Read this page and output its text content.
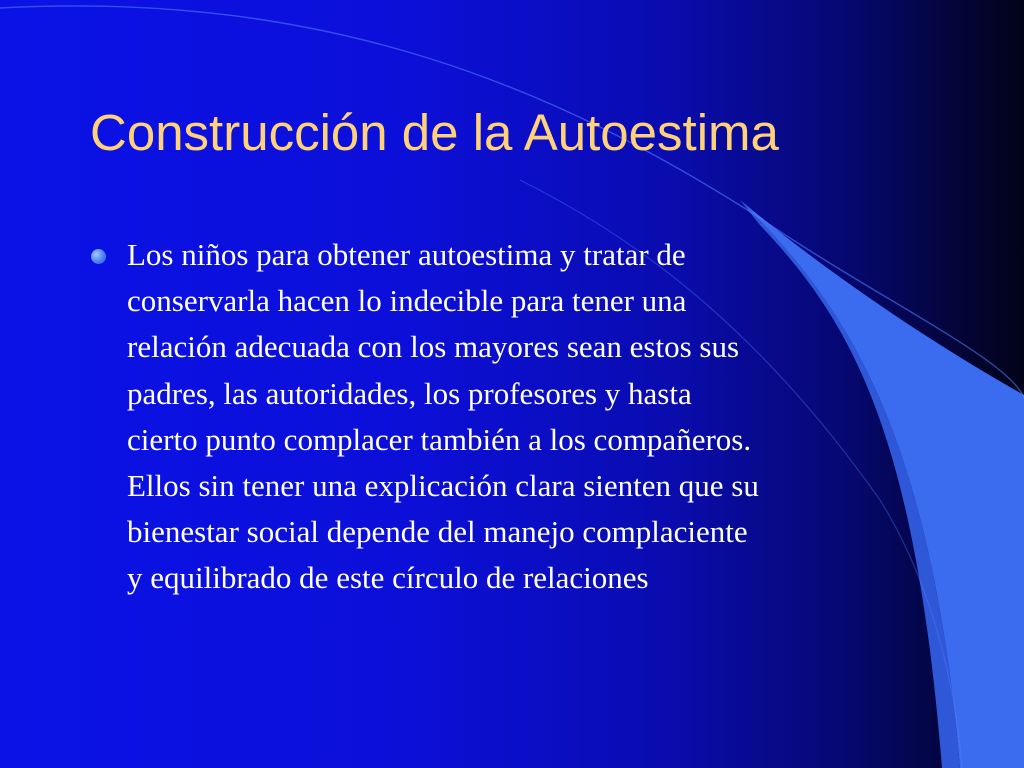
Construcción de la Autoestima
Los niños para obtener autoestima y tratar de
conservarla hacen lo indecible para tener una
relación adecuada con los mayores sean estos sus
padres, las autoridades, los profesores y hasta
cierto punto complacer también a los compañeros.
Ellos sin tener una explicación clara sienten que su
bienestar social depende del manejo complaciente
y equilibrado de este círculo de relaciones
